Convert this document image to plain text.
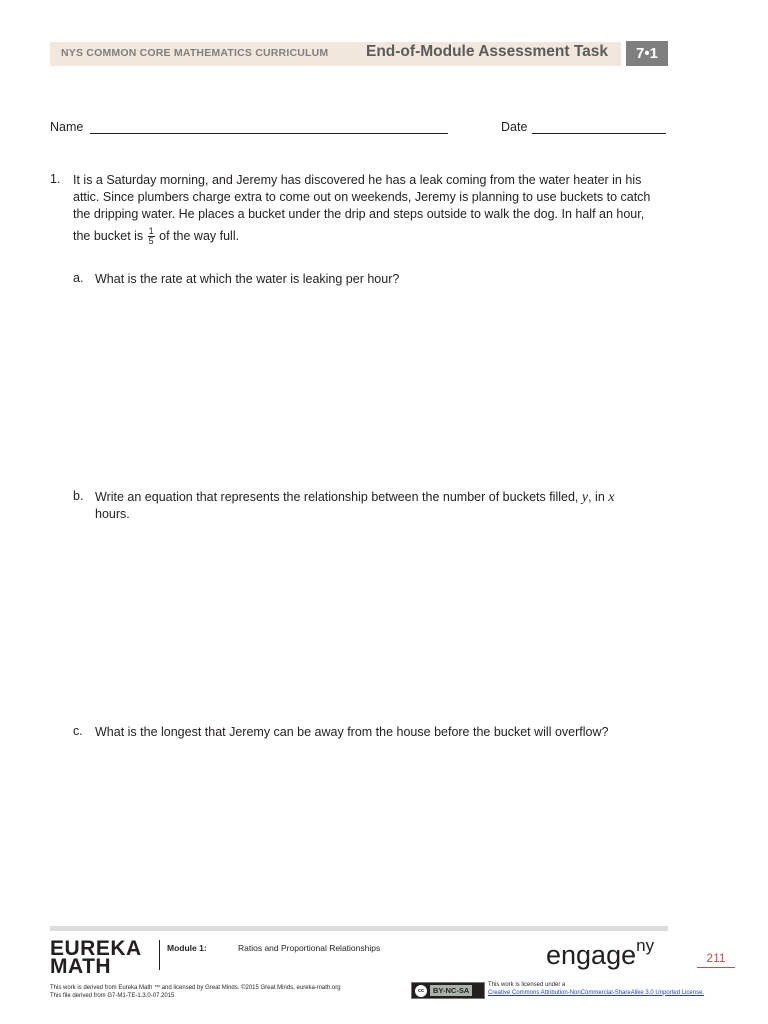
NYS COMMON CORE MATHEMATICS CURRICULUM End-of-Module Assessment Task	7•1
Name	Date
1. It is a Saturday morning, and Jeremy has discovered he has a leak coming from the water heater in his
attic. Since plumbers charge extra to come out on weekends, Jeremy is planning to use buckets to catch
the dripping water. He places a bucket under the drip and steps outside to walk the dog. In half an hour,
the bucket is $\frac{1}{5}$ of the way full.
a. What is the rate at which the water is leaking per hour?
b. Write an equation that represents the relationship between the number of buckets filled, y, in x
hours.
c. What is the longest that Jeremy can be away from the house before the bucket will overflow?
EUREKA
MATH
Module 1:	Ratios and Proportional Relationships	engage$^{ny}$
211
This work is derived from Eureka Math ™ and licensed by Great Minds. ©2015 Great Minds. eureka-math.org
This file derived from G7-M1-TE-1.3.0-07.2015
cc	BY-NC-SA
This work is licensed under a
Creative Commons Attribution-NonCommercial-ShareAlike 3.0 Unported License.
